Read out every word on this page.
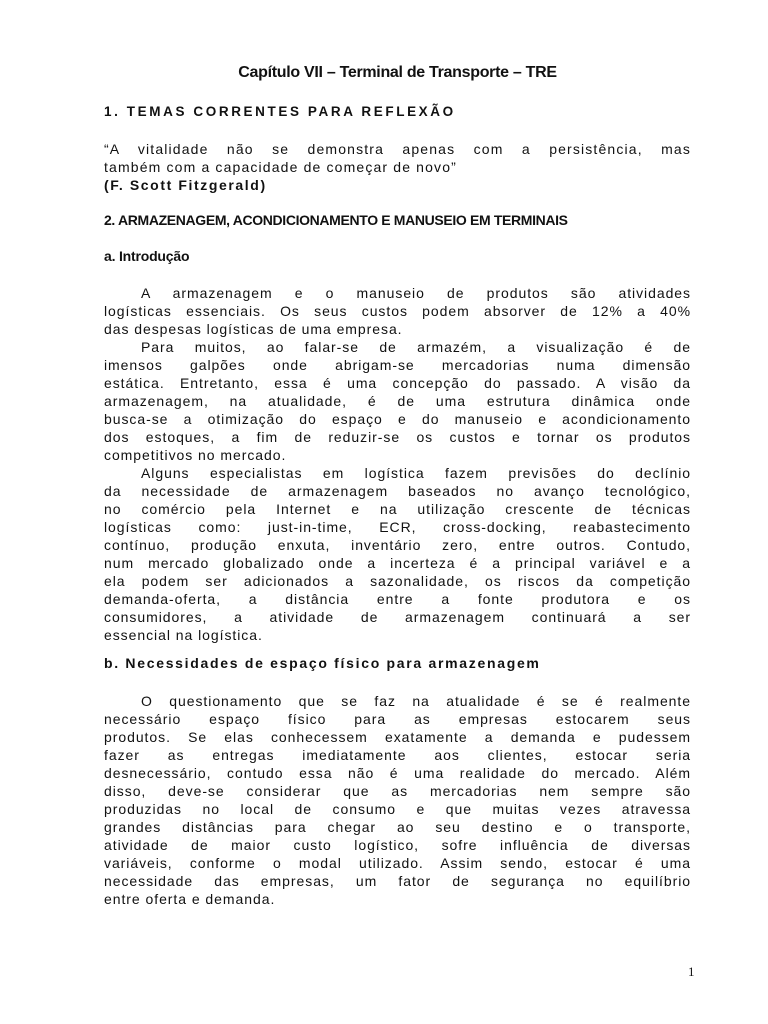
Capítulo VII – Terminal de Transporte – TRE
1. TEMAS CORRENTES PARA REFLEXÃO

“A vitalidade não se demonstra apenas com a persistência, mas
também com a capacidade de começar de novo”
(F. Scott Fitzgerald)

2. ARMAZENAGEM, ACONDICIONAMENTO E MANUSEIO EM TERMINAIS
a. Introdução
A armazenagem e o manuseio de produtos são atividades
logísticas essenciais. Os seus custos podem absorver de 12% a 40%
das despesas logísticas de uma empresa.
Para muitos, ao falar-se de armazém, a visualização é de
imensos galpões onde abrigam-se mercadorias numa dimensão
estática. Entretanto, essa é uma concepção do passado. A visão da
armazenagem, na atualidade, é de uma estrutura dinâmica onde
busca-se a otimização do espaço e do manuseio e acondicionamento
dos estoques, a fim de reduzir-se os custos e tornar os produtos
competitivos no mercado.
Alguns especialistas em logística fazem previsões do declínio
da necessidade de armazenagem baseados no avanço tecnológico,
no comércio pela Internet e na utilização crescente de técnicas
logísticas como: just-in-time, ECR, cross-docking, reabastecimento
contínuo, produção enxuta, inventário zero, entre outros. Contudo,
num mercado globalizado onde a incerteza é a principal variável e a
ela podem ser adicionados a sazonalidade, os riscos da competição
demanda-oferta, a distância entre a fonte produtora e os
consumidores, a atividade de armazenagem continuará a ser
essencial na logística.
b. Necessidades de espaço físico para armazenagem
O questionamento que se faz na atualidade é se é realmente
necessário espaço físico para as empresas estocarem seus
produtos. Se elas conhecessem exatamente a demanda e pudessem
fazer as entregas imediatamente aos clientes, estocar seria
desnecessário, contudo essa não é uma realidade do mercado. Além
disso, deve-se considerar que as mercadorias nem sempre são
produzidas no local de consumo e que muitas vezes atravessa
grandes distâncias para chegar ao seu destino e o transporte,
atividade de maior custo logístico, sofre influência de diversas
variáveis, conforme o modal utilizado. Assim sendo, estocar é uma
necessidade das empresas, um fator de segurança no equilíbrio
entre oferta e demanda.
1
